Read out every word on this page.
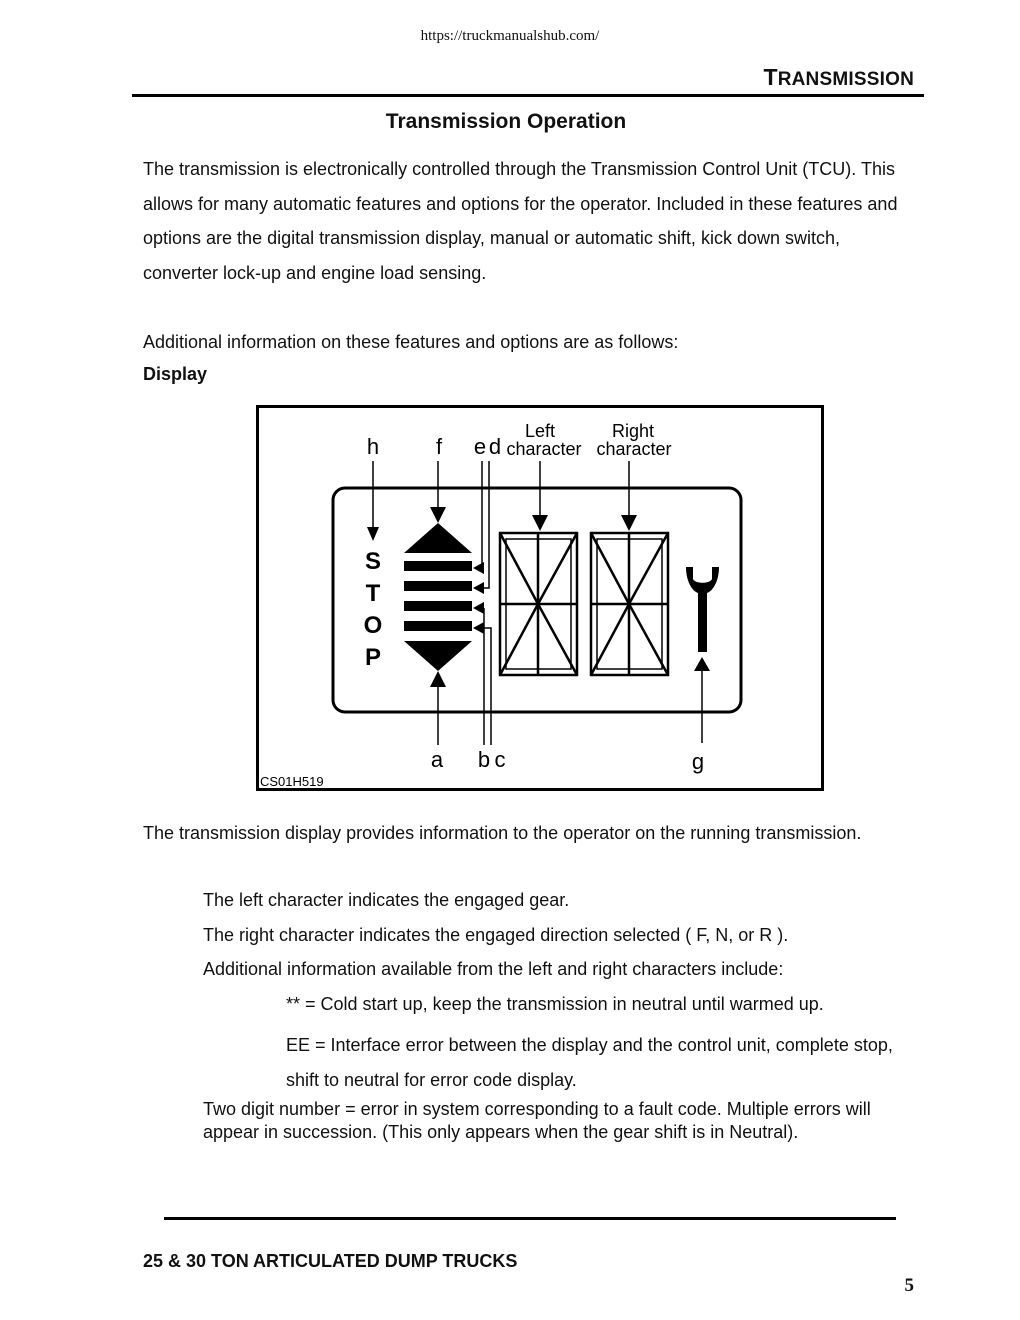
https://truckmanualshub.com/
TRANSMISSION
Transmission Operation
The transmission is electronically controlled through the Transmission Control Unit (TCU). This allows for many automatic features and options for the operator. Included in these features and options are the digital transmission display, manual or automatic shift, kick down switch, converter lock-up and engine load sensing.
Additional information on these features and options are as follows:
Display
h	f e d
Left
character
Right
character
a b c	g
CS01H519
S
T
O
P
The transmission display provides information to the operator on the running transmission.
The left character indicates the engaged gear.
The right character indicates the engaged direction selected ( F, N, or R ).
Additional information available from the left and right characters include:
** = Cold start up, keep the transmission in neutral until warmed up.
EE = Interface error between the display and the control unit, complete stop, shift to neutral for error code display.
Two digit number = error in system corresponding to a fault code. Multiple errors will appear in succession. (This only appears when the gear shift is in Neutral).
25 & 30 TON ARTICULATED DUMP TRUCKS
5
